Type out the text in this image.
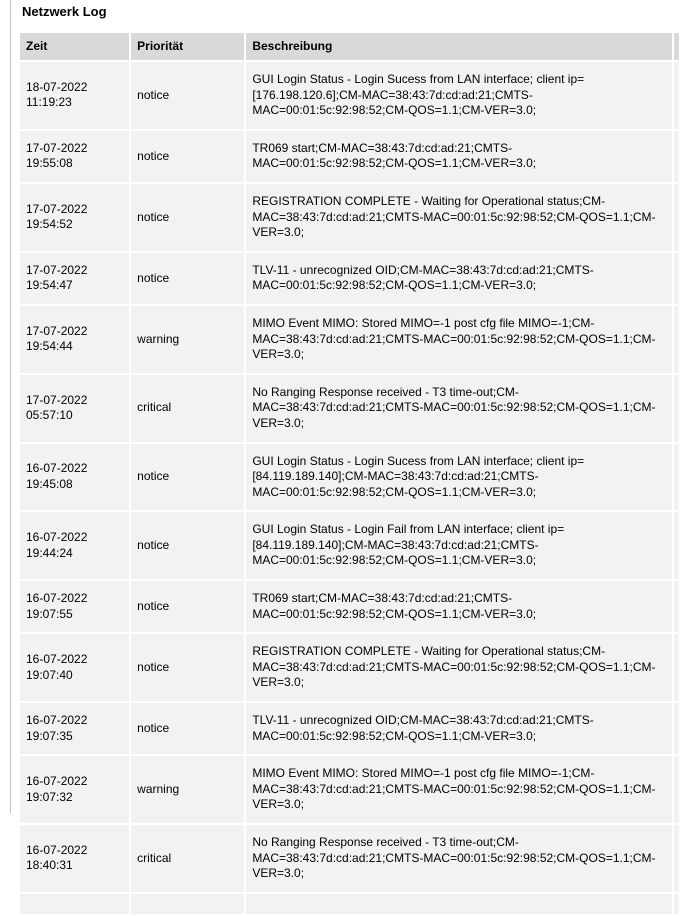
Netzwerk Log
Zeit	Priorität	Beschreibung	
18-07-2022 11:19:23	notice	GUI Login Status - Login Sucess from LAN interface; client ip=[176.198.120.6];CM-MAC=38:43:7d:cd:ad:21;CMTS-MAC=00:01:5c:92:98:52;CM-QOS=1.1;CM-VER=3.0;	
17-07-2022 19:55:08	notice	TR069 start;CM-MAC=38:43:7d:cd:ad:21;CMTS-MAC=00:01:5c:92:98:52;CM-QOS=1.1;CM-VER=3.0;	
17-07-2022 19:54:52	notice	REGISTRATION COMPLETE - Waiting for Operational status;CM-MAC=38:43:7d:cd:ad:21;CMTS-MAC=00:01:5c:92:98:52;CM-QOS=1.1;CM-VER=3.0;	
17-07-2022 19:54:47	notice	TLV-11 - unrecognized OID;CM-MAC=38:43:7d:cd:ad:21;CMTS-MAC=00:01:5c:92:98:52;CM-QOS=1.1;CM-VER=3.0;	
17-07-2022 19:54:44	warning	MIMO Event MIMO: Stored MIMO=-1 post cfg file MIMO=-1;CM-MAC=38:43:7d:cd:ad:21;CMTS-MAC=00:01:5c:92:98:52;CM-QOS=1.1;CM-VER=3.0;	
17-07-2022 05:57:10	critical	No Ranging Response received - T3 time-out;CM-MAC=38:43:7d:cd:ad:21;CMTS-MAC=00:01:5c:92:98:52;CM-QOS=1.1;CM-VER=3.0;	
16-07-2022 19:45:08	notice	GUI Login Status - Login Sucess from LAN interface; client ip=[84.119.189.140];CM-MAC=38:43:7d:cd:ad:21;CMTS-MAC=00:01:5c:92:98:52;CM-QOS=1.1;CM-VER=3.0;	
16-07-2022 19:44:24	notice	GUI Login Status - Login Fail from LAN interface; client ip=[84.119.189.140];CM-MAC=38:43:7d:cd:ad:21;CMTS-MAC=00:01:5c:92:98:52;CM-QOS=1.1;CM-VER=3.0;	
16-07-2022 19:07:55	notice	TR069 start;CM-MAC=38:43:7d:cd:ad:21;CMTS-MAC=00:01:5c:92:98:52;CM-QOS=1.1;CM-VER=3.0;	
16-07-2022 19:07:40	notice	REGISTRATION COMPLETE - Waiting for Operational status;CM-MAC=38:43:7d:cd:ad:21;CMTS-MAC=00:01:5c:92:98:52;CM-QOS=1.1;CM-VER=3.0;	
16-07-2022 19:07:35	notice	TLV-11 - unrecognized OID;CM-MAC=38:43:7d:cd:ad:21;CMTS-MAC=00:01:5c:92:98:52;CM-QOS=1.1;CM-VER=3.0;	
16-07-2022 19:07:32	warning	MIMO Event MIMO: Stored MIMO=-1 post cfg file MIMO=-1;CM-MAC=38:43:7d:cd:ad:21;CMTS-MAC=00:01:5c:92:98:52;CM-QOS=1.1;CM-VER=3.0;	
16-07-2022 18:40:31	critical	No Ranging Response received - T3 time-out;CM-MAC=38:43:7d:cd:ad:21;CMTS-MAC=00:01:5c:92:98:52;CM-QOS=1.1;CM-VER=3.0;	
